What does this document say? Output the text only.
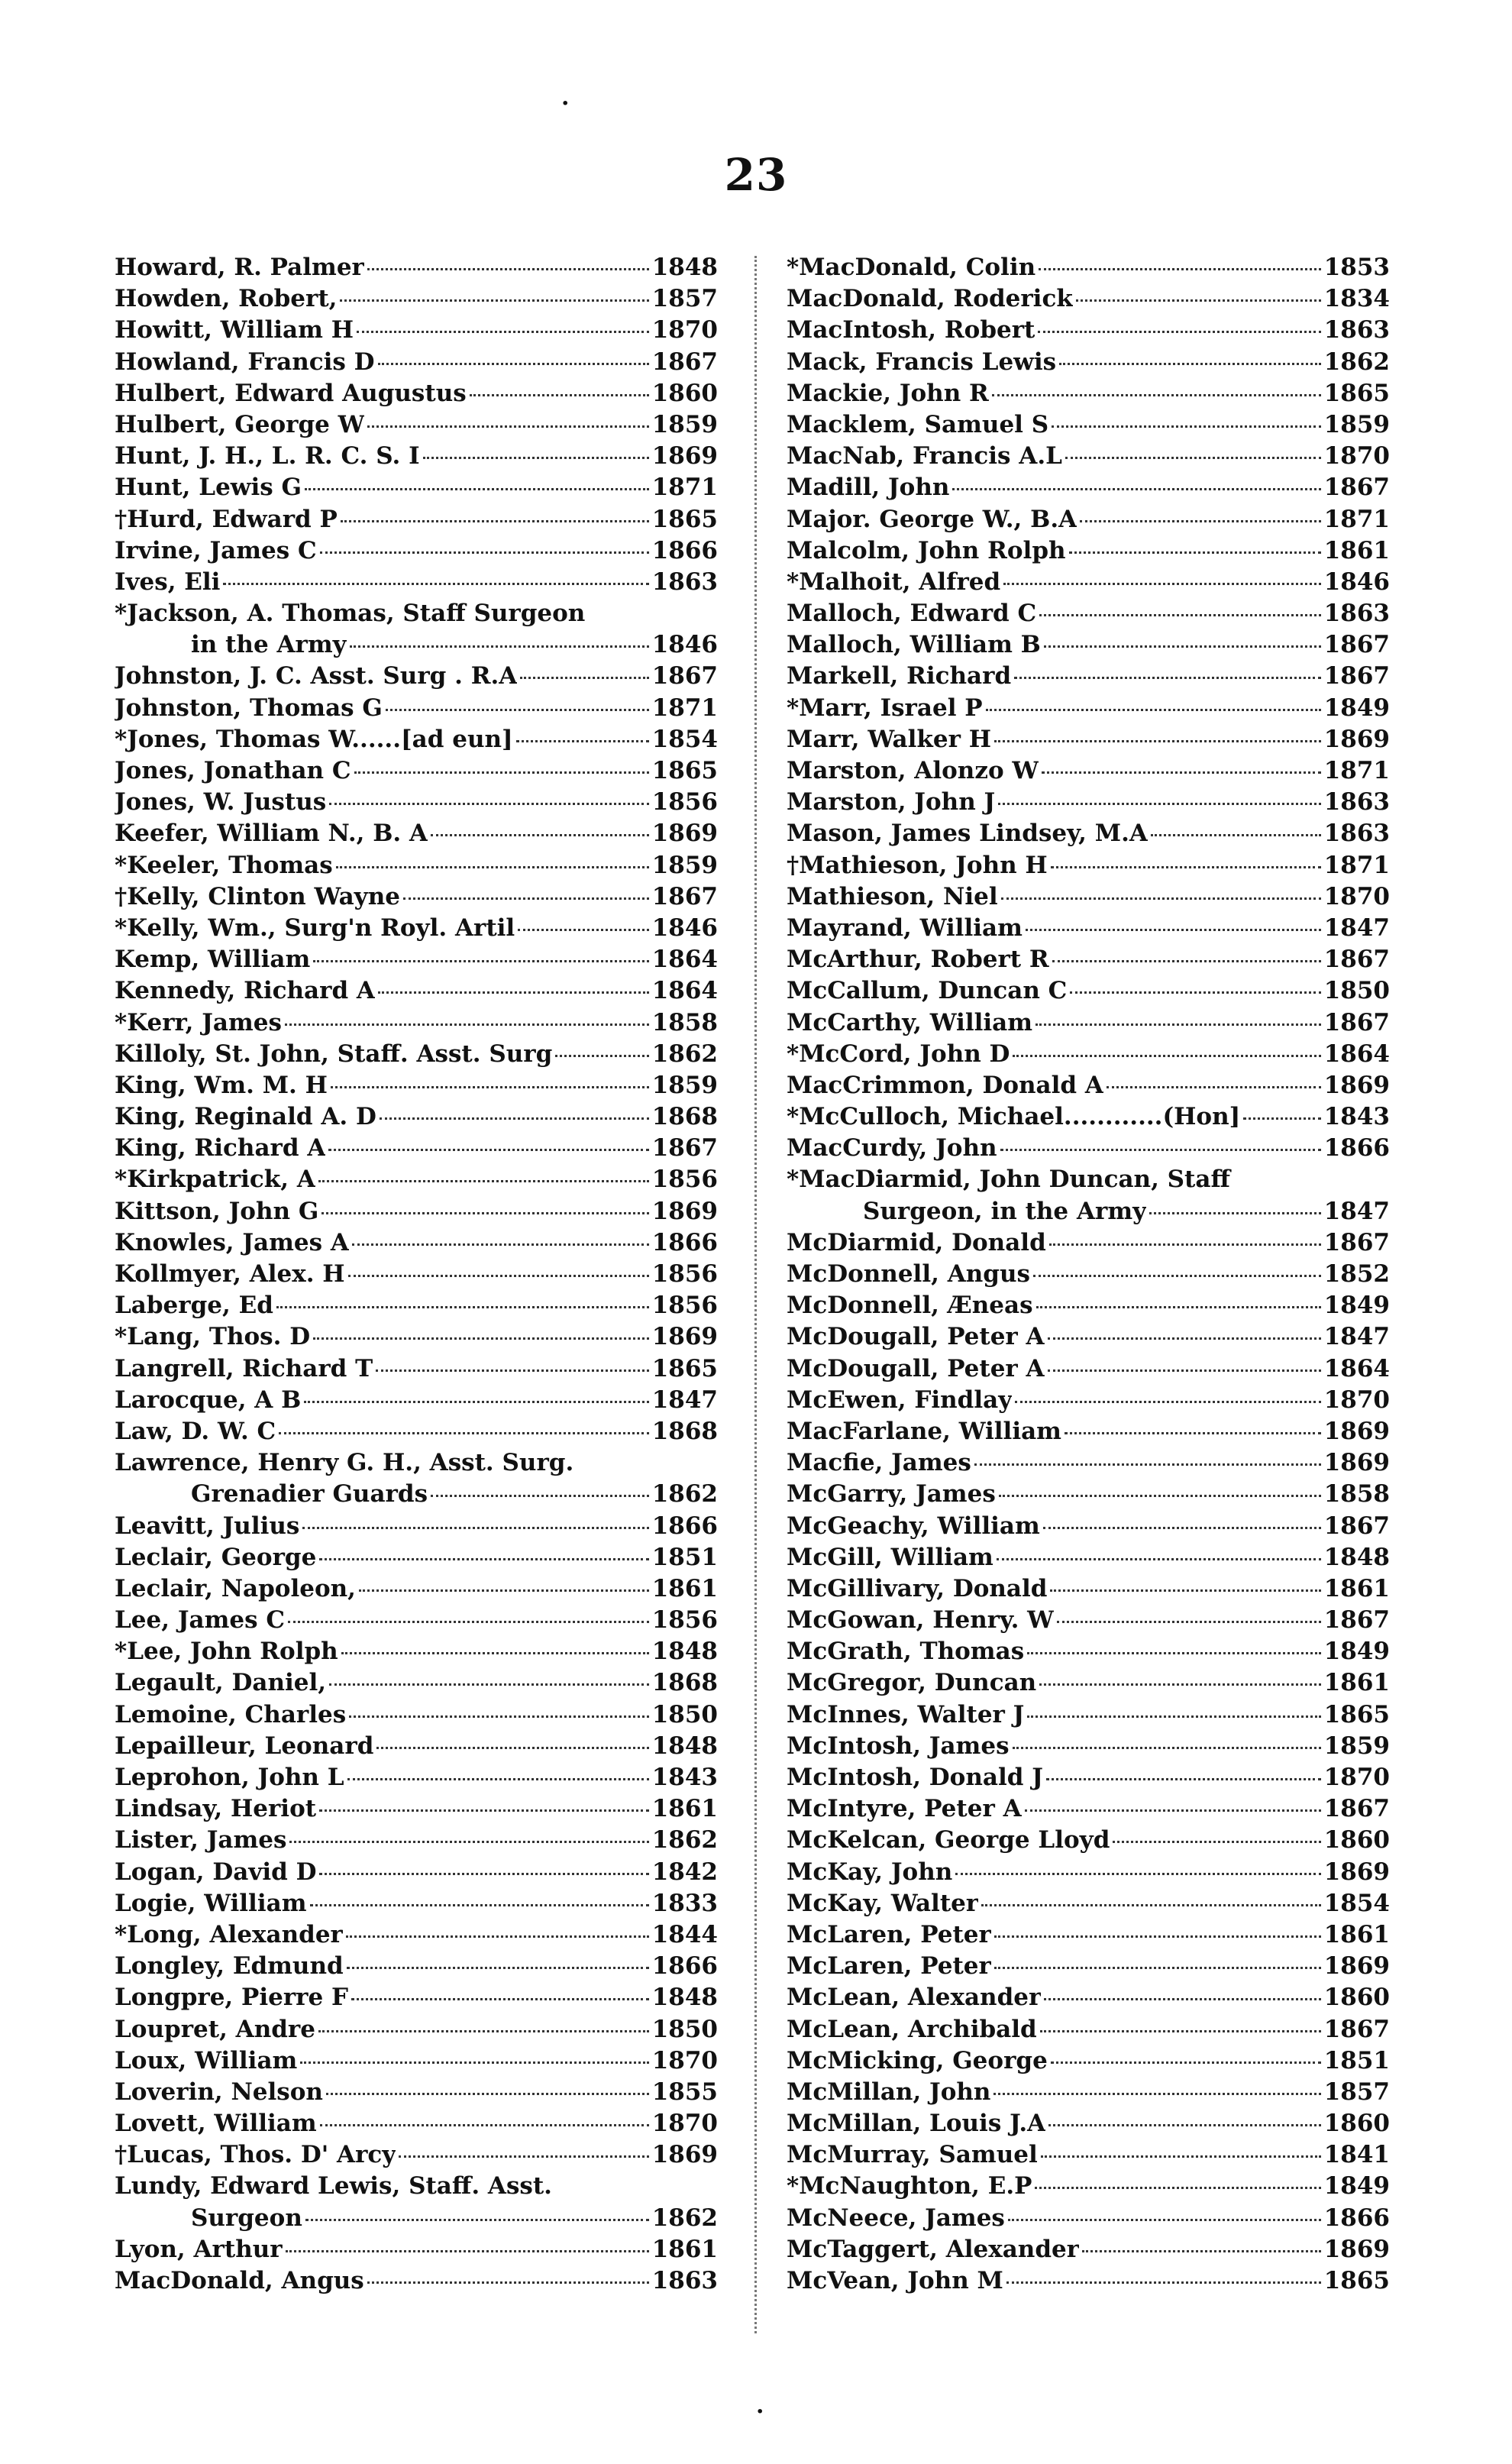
23
Howard, R. Palmer	1848
Howden, Robert,	1857
Howitt, William H	1870
Howland, Francis D	1867
Hulbert, Edward Augustus	1860
Hulbert, George W	1859
Hunt, J. H., L. R. C. S. I	1869
Hunt, Lewis G	1871
†Hurd, Edward P	1865
Irvine, James C	1866
Ives, Eli	1863
*Jackson, A. Thomas, Staff Surgeon
in the Army	1846
Johnston, J. C. Asst. Surg . R.A	1867
Johnston, Thomas G	1871
*Jones, Thomas W......[ad eun]	1854
Jones, Jonathan C	1865
Jones, W. Justus	1856
Keefer, William N., B. A	1869
*Keeler, Thomas	1859
†Kelly, Clinton Wayne	1867
*Kelly, Wm., Surg'n Royl. Artil	1846
Kemp, William	1864
Kennedy, Richard A	1864
*Kerr, James	1858
Killoly, St. John, Staff. Asst. Surg	1862
King, Wm. M. H	1859
King, Reginald A. D	1868
King, Richard A	1867
*Kirkpatrick, A	1856
Kittson, John G	1869
Knowles, James A	1866
Kollmyer, Alex. H	1856
Laberge, Ed	1856
*Lang, Thos. D	1869
Langrell, Richard T	1865
Larocque, A B	1847
Law, D. W. C	1868
Lawrence, Henry G. H., Asst. Surg.
Grenadier Guards	1862
Leavitt, Julius	1866
Leclair, George	1851
Leclair, Napoleon,	1861
Lee, James C	1856
*Lee, John Rolph	1848
Legault, Daniel,	1868
Lemoine, Charles	1850
Lepailleur, Leonard	1848
Leprohon, John L	1843
Lindsay, Heriot	1861
Lister, James	1862
Logan, David D	1842
Logie, William	1833
*Long, Alexander	1844
Longley, Edmund	1866
Longpre, Pierre F	1848
Loupret, Andre	1850
Loux, William	1870
Loverin, Nelson	1855
Lovett, William	1870
†Lucas, Thos. D' Arcy	1869
Lundy, Edward Lewis, Staff. Asst.
Surgeon	1862
Lyon, Arthur	1861
MacDonald, Angus	1863
*MacDonald, Colin	1853
MacDonald, Roderick	1834
MacIntosh, Robert	1863
Mack, Francis Lewis	1862
Mackie, John R	1865
Macklem, Samuel S	1859
MacNab, Francis A.L	1870
Madill, John	1867
Major. George W., B.A	1871
Malcolm, John Rolph	1861
*Malhoit, Alfred	1846
Malloch, Edward C	1863
Malloch, William B	1867
Markell, Richard	1867
*Marr, Israel P	1849
Marr, Walker H	1869
Marston, Alonzo W	1871
Marston, John J	1863
Mason, James Lindsey, M.A	1863
†Mathieson, John H	1871
Mathieson, Niel	1870
Mayrand, William	1847
McArthur, Robert R	1867
McCallum, Duncan C	1850
McCarthy, William	1867
*McCord, John D	1864
MacCrimmon, Donald A	1869
*McCulloch, Michael............(Hon]	1843
MacCurdy, John	1866
*MacDiarmid, John Duncan, Staff
Surgeon, in the Army	1847
McDiarmid, Donald	1867
McDonnell, Angus	1852
McDonnell, Æneas	1849
McDougall, Peter A	1847
McDougall, Peter A	1864
McEwen, Findlay	1870
MacFarlane, William	1869
Macfie, James	1869
McGarry, James	1858
McGeachy, William	1867
McGill, William	1848
McGillivary, Donald	1861
McGowan, Henry. W	1867
McGrath, Thomas	1849
McGregor, Duncan	1861
McInnes, Walter J	1865
McIntosh, James	1859
McIntosh, Donald J	1870
McIntyre, Peter A	1867
McKelcan, George Lloyd	1860
McKay, John	1869
McKay, Walter	1854
McLaren, Peter	1861
McLaren, Peter	1869
McLean, Alexander	1860
McLean, Archibald	1867
McMicking, George	1851
McMillan, John	1857
McMillan, Louis J.A	1860
McMurray, Samuel	1841
*McNaughton, E.P	1849
McNeece, James	1866
McTaggert, Alexander	1869
McVean, John M	1865
·
·
